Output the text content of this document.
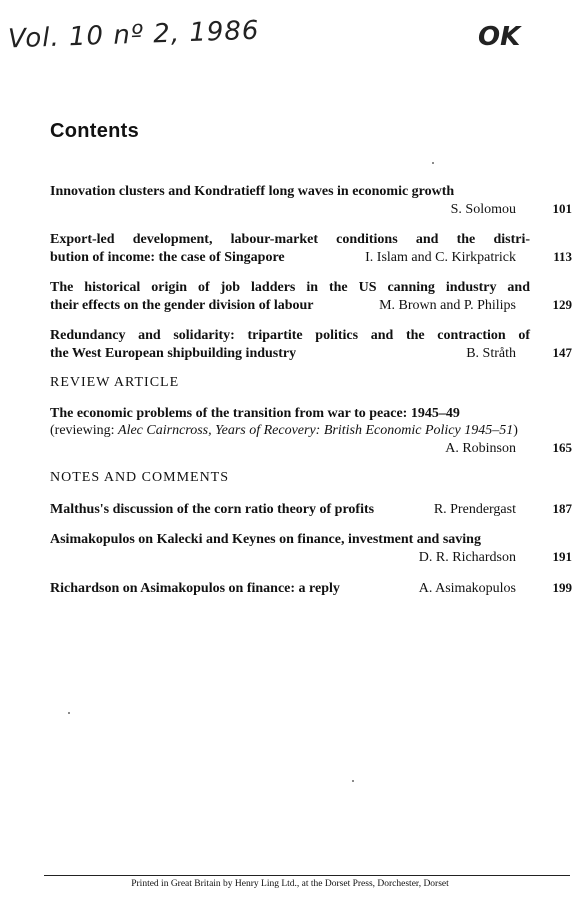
Vol. 10 nº 2, 1986	OK
Contents
Innovation clusters and Kondratieff long waves in economic growth
S. Solomou	101
Export-led development, labour-market conditions and the distri-
bution of income: the case of Singapore	I. Islam and C. Kirkpatrick	113
The historical origin of job ladders in the US canning industry and
their effects on the gender division of labour	M. Brown and P. Philips	129
Redundancy and solidarity: tripartite politics and the contraction of
the West European shipbuilding industry	B. Stråth	147
REVIEW ARTICLE
The economic problems of the transition from war to peace: 1945–49
(reviewing: Alec Cairncross, Years of Recovery: British Economic Policy 1945–51)
A. Robinson	165
NOTES AND COMMENTS
Malthus's discussion of the corn ratio theory of profits	R. Prendergast	187
Asimakopulos on Kalecki and Keynes on finance, investment and saving
D. R. Richardson	191
Richardson on Asimakopulos on finance: a reply	A. Asimakopulos	199
Printed in Great Britain by Henry Ling Ltd., at the Dorset Press, Dorchester, Dorset
